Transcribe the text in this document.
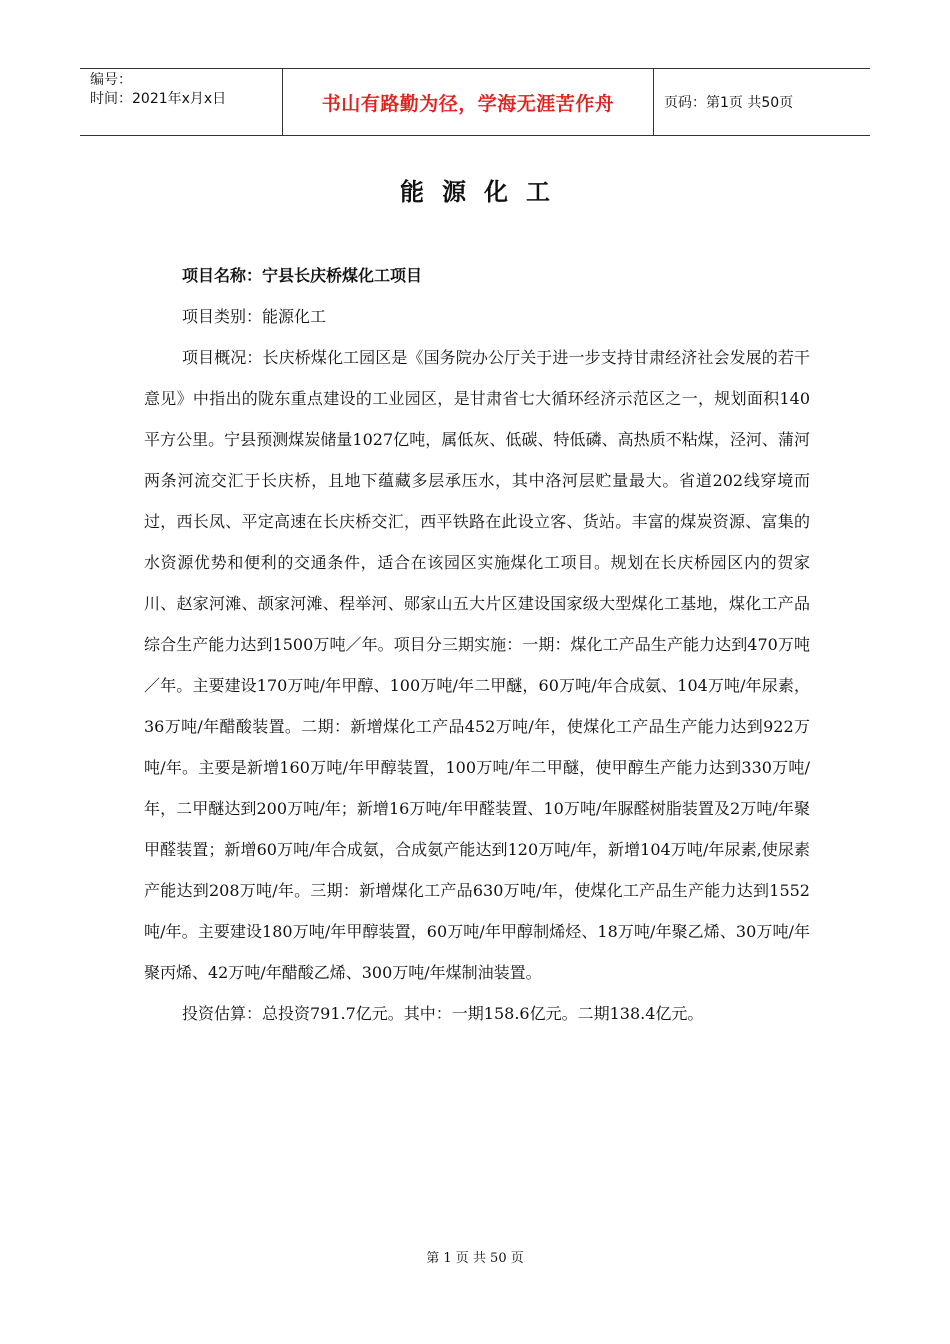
编号：
时间：2021年x月x日	书山有路勤为径，学海无涯苦作舟	页码：第1页 共50页
能源化工

项目名称：宁县长庆桥煤化工项目

项目类别：能源化工

项目概况：长庆桥煤化工园区是《国务院办公厅关于进一步支持甘肃经济社会发展的若干意见》中指出的陇东重点建设的工业园区，是甘肃省七大循环经济示范区之一，规划面积140平方公里。宁县预测煤炭储量1027亿吨，属低灰、低碳、特低磷、高热质不粘煤，泾河、蒲河两条河流交汇于长庆桥，且地下蕴藏多层承压水，其中洛河层贮量最大。省道202线穿境而过，西长凤、平定高速在长庆桥交汇，西平铁路在此设立客、货站。丰富的煤炭资源、富集的水资源优势和便利的交通条件，适合在该园区实施煤化工项目。规划在长庆桥园区内的贺家川、赵家河滩、颉家河滩、程举河、郧家山五大片区建设国家级大型煤化工基地，煤化工产品综合生产能力达到1500万吨／年。项目分三期实施：一期：煤化工产品生产能力达到470万吨／年。主要建设170万吨/年甲醇、100万吨/年二甲醚，60万吨/年合成氨、104万吨/年尿素，36万吨/年醋酸装置。二期：新增煤化工产品452万吨/年，使煤化工产品生产能力达到922万吨/年。主要是新增160万吨/年甲醇装置，100万吨/年二甲醚，使甲醇生产能力达到330万吨/年，二甲醚达到200万吨/年；新增16万吨/年甲醛装置、10万吨/年脲醛树脂装置及2万吨/年聚甲醛装置；新增60万吨/年合成氨，合成氨产能达到120万吨/年，新增104万吨/年尿素,使尿素产能达到208万吨/年。三期：新增煤化工产品630万吨/年，使煤化工产品生产能力达到1552吨/年。主要建设180万吨/年甲醇装置，60万吨/年甲醇制烯烃、18万吨/年聚乙烯、30万吨/年聚丙烯、42万吨/年醋酸乙烯、300万吨/年煤制油装置。

投资估算：总投资791.7亿元。其中：一期158.6亿元。二期138.4亿元。

第 1 页 共 50 页
